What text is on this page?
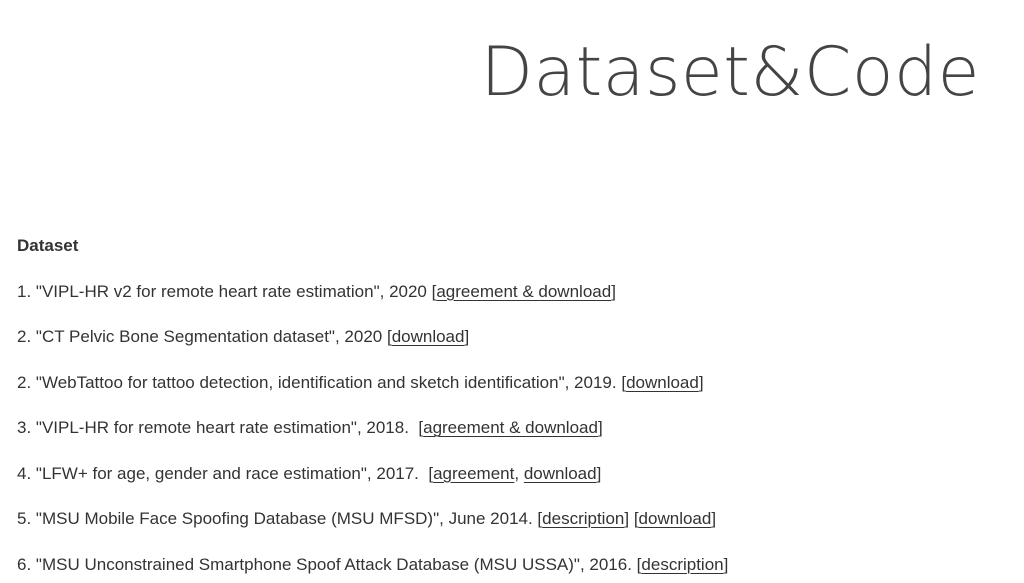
Dataset&Code
Dataset
1. "VIPL-HR v2 for remote heart rate estimation", 2020 [agreement & download]
2. "CT Pelvic Bone Segmentation dataset", 2020 [download]
2. "WebTattoo for tattoo detection, identification and sketch identification", 2019. [download]
3. "VIPL-HR for remote heart rate estimation", 2018.  [agreement & download]
4. "LFW+ for age, gender and race estimation", 2017.  [agreement, download]
5. "MSU Mobile Face Spoofing Database (MSU MFSD)", June 2014. [description] [download]
6. "MSU Unconstrained Smartphone Spoof Attack Database (MSU USSA)", 2016. [description]
